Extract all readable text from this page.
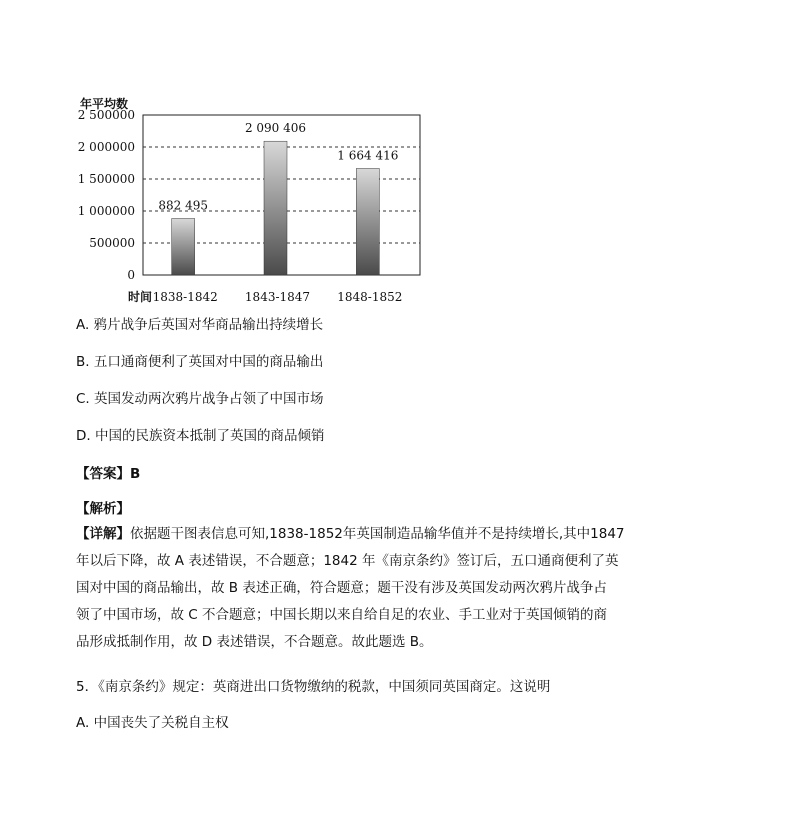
年平均数
0
500000
1 000000
1 500000
2 000000
2 500000
882 495
2 090 406
1 664 416
1838-1842 1843-1847 1848-1852
时间
A. 鸦片战争后英国对华商品输出持续增长
B. 五口通商便利了英国对中国的商品输出
C. 英国发动两次鸦片战争占领了中国市场
D. 中国的民族资本抵制了英国的商品倾销
【答案】B
【解析】
【详解】依据题干图表信息可知,1838-1852年英国制造品输华值并不是持续增长,其中1847
年以后下降，故 A 表述错误，不合题意；1842 年《南京条约》签订后，五口通商便利了英
国对中国的商品输出，故 B 表述正确，符合题意；题干没有涉及英国发动两次鸦片战争占
领了中国市场，故 C 不合题意；中国长期以来自给自足的农业、手工业对于英国倾销的商
品形成抵制作用，故 D 表述错误，不合题意。故此题选 B。
5．《南京条约》规定：英商进出口货物缴纳的税款，中国须同英国商定。这说明
A. 中国丧失了关税自主权
